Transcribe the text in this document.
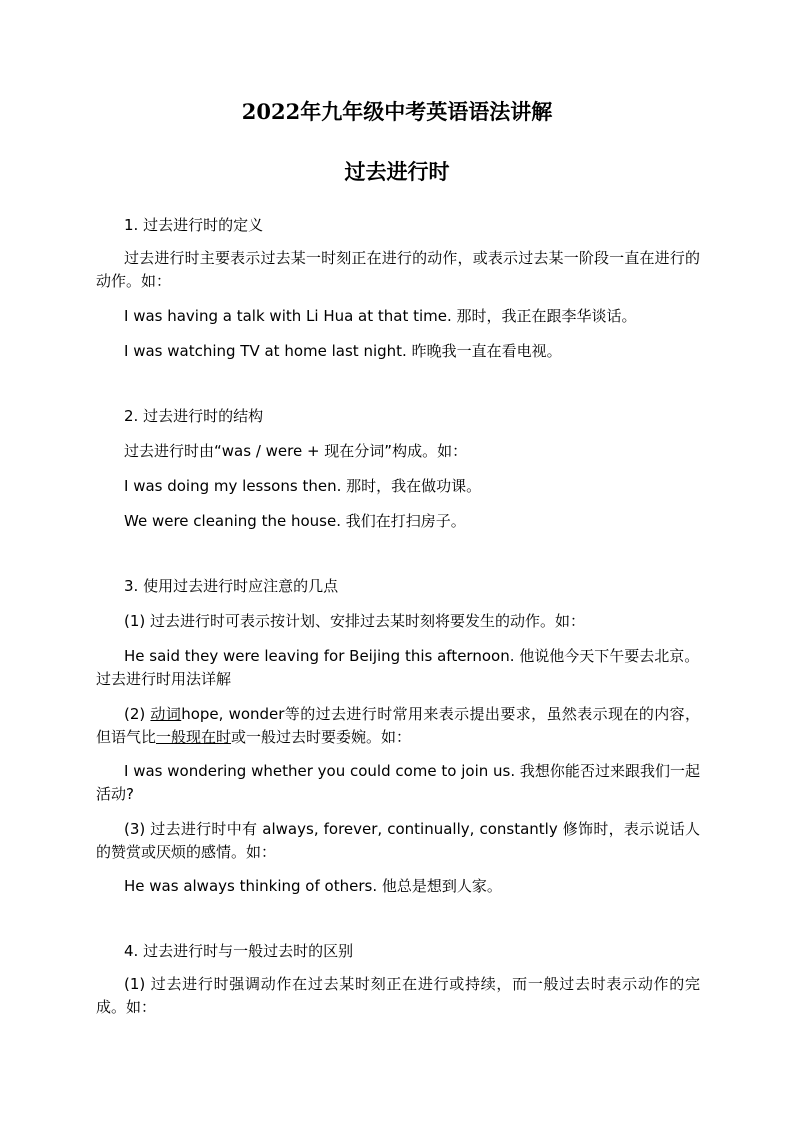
2022年九年级中考英语语法讲解
过去进行时
1. 过去进行时的定义
过去进行时主要表示过去某一时刻正在进行的动作，或表示过去某一阶段一直在进行的动作。如：
I was having a talk with Li Hua at that time. 那时，我正在跟李华谈话。
I was watching TV at home last night. 昨晚我一直在看电视。
2. 过去进行时的结构
过去进行时由“was / were + 现在分词”构成。如：
I was doing my lessons then. 那时，我在做功课。
We were cleaning the house. 我们在打扫房子。
3. 使用过去进行时应注意的几点
(1) 过去进行时可表示按计划、安排过去某时刻将要发生的动作。如：
He said they were leaving for Beijing this afternoon. 他说他今天下午要去北京。
过去进行时用法详解
(2) 动词hope, wonder等的过去进行时常用来表示提出要求，虽然表示现在的内容，但语气比一般现在时或一般过去时要委婉。如：
I was wondering whether you could come to join us. 我想你能否过来跟我们一起活动?
(3) 过去进行时中有 always, forever, continually, constantly 修饰时，表示说话人的赞赏或厌烦的感情。如：
He was always thinking of others. 他总是想到人家。
4. 过去进行时与一般过去时的区别
(1) 过去进行时强调动作在过去某时刻正在进行或持续，而一般过去时表示动作的完成。如：
